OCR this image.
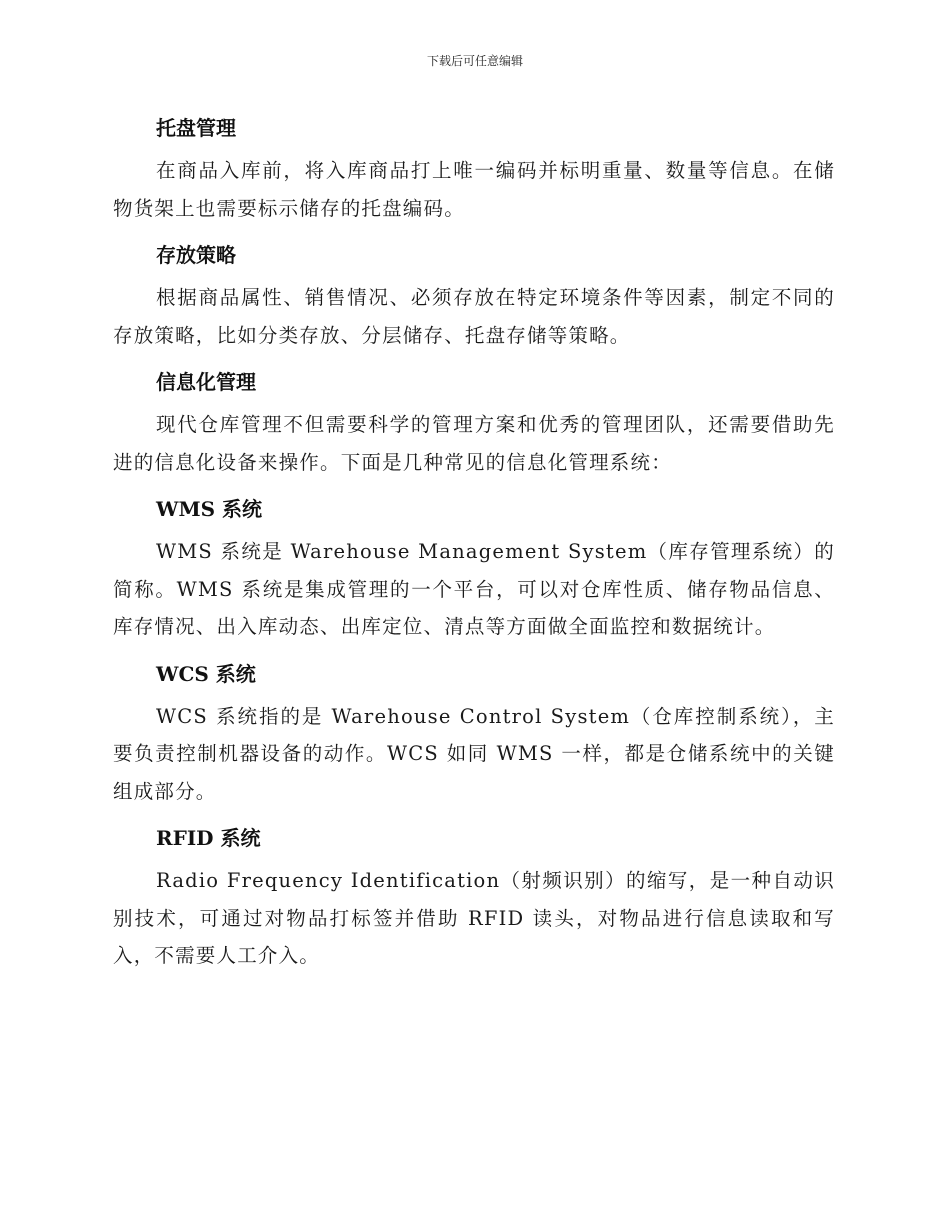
下载后可任意编辑
托盘管理

在商品入库前，将入库商品打上唯一编码并标明重量、数量等信息。在储物货架上也需要标示储存的托盘编码。

存放策略

根据商品属性、销售情况、必须存放在特定环境条件等因素，制定不同的存放策略，比如分类存放、分层储存、托盘存储等策略。

信息化管理

现代仓库管理不但需要科学的管理方案和优秀的管理团队，还需要借助先进的信息化设备来操作。下面是几种常见的信息化管理系统：

WMS 系统

WMS 系统是 Warehouse Management System（库存管理系统）的简称。WMS 系统是集成管理的一个平台，可以对仓库性质、储存物品信息、库存情况、出入库动态、出库定位、清点等方面做全面监控和数据统计。

WCS 系统

WCS 系统指的是 Warehouse Control System（仓库控制系统），主要负责控制机器设备的动作。WCS 如同 WMS 一样，都是仓储系统中的关键组成部分。

RFID 系统

Radio Frequency Identification（射频识别）的缩写，是一种自动识别技术，可通过对物品打标签并借助 RFID 读头，对物品进行信息读取和写入，不需要人工介入。
